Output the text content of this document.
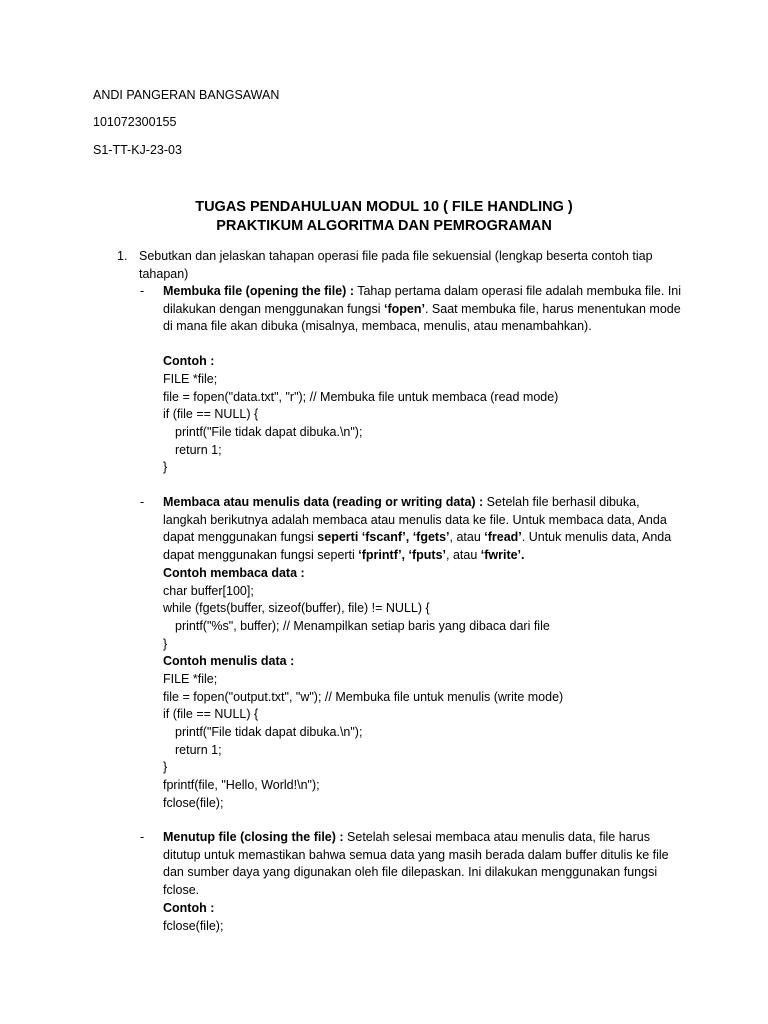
ANDI PANGERAN BANGSAWAN

101072300155

S1-TT-KJ-23-03

TUGAS PENDAHULUAN MODUL 10 ( FILE HANDLING )

PRAKTIKUM ALGORITMA DAN PEMROGRAMAN

1. Sebutkan dan jelaskan tahapan operasi file pada file sekuensial (lengkap beserta contoh tiap tahapan)

- Membuka file (opening the file) : Tahap pertama dalam operasi file adalah membuka file. Ini dilakukan dengan menggunakan fungsi ‘fopen’. Saat membuka file, harus menentukan mode di mana file akan dibuka (misalnya, membaca, menulis, atau menambahkan).

Contoh :

FILE *file;

file = fopen("data.txt", "r"); // Membuka file untuk membaca (read mode)

if (file == NULL) {

printf("File tidak dapat dibuka.\n");

return 1;

}

- Membaca atau menulis data (reading or writing data) : Setelah file berhasil dibuka, langkah berikutnya adalah membaca atau menulis data ke file. Untuk membaca data, Anda dapat menggunakan fungsi seperti ‘fscanf’, ‘fgets’, atau ‘fread’. Untuk menulis data, Anda dapat menggunakan fungsi seperti ‘fprintf’, ‘fputs’, atau ‘fwrite’.

Contoh membaca data :

char buffer[100];

while (fgets(buffer, sizeof(buffer), file) != NULL) {

printf("%s", buffer); // Menampilkan setiap baris yang dibaca dari file

}

Contoh menulis data :

FILE *file;

file = fopen("output.txt", "w"); // Membuka file untuk menulis (write mode)

if (file == NULL) {

printf("File tidak dapat dibuka.\n");

return 1;

}

fprintf(file, "Hello, World!\n");

fclose(file);

- Menutup file (closing the file) : Setelah selesai membaca atau menulis data, file harus ditutup untuk memastikan bahwa semua data yang masih berada dalam buffer ditulis ke file dan sumber daya yang digunakan oleh file dilepaskan. Ini dilakukan menggunakan fungsi fclose.

Contoh :

fclose(file);
